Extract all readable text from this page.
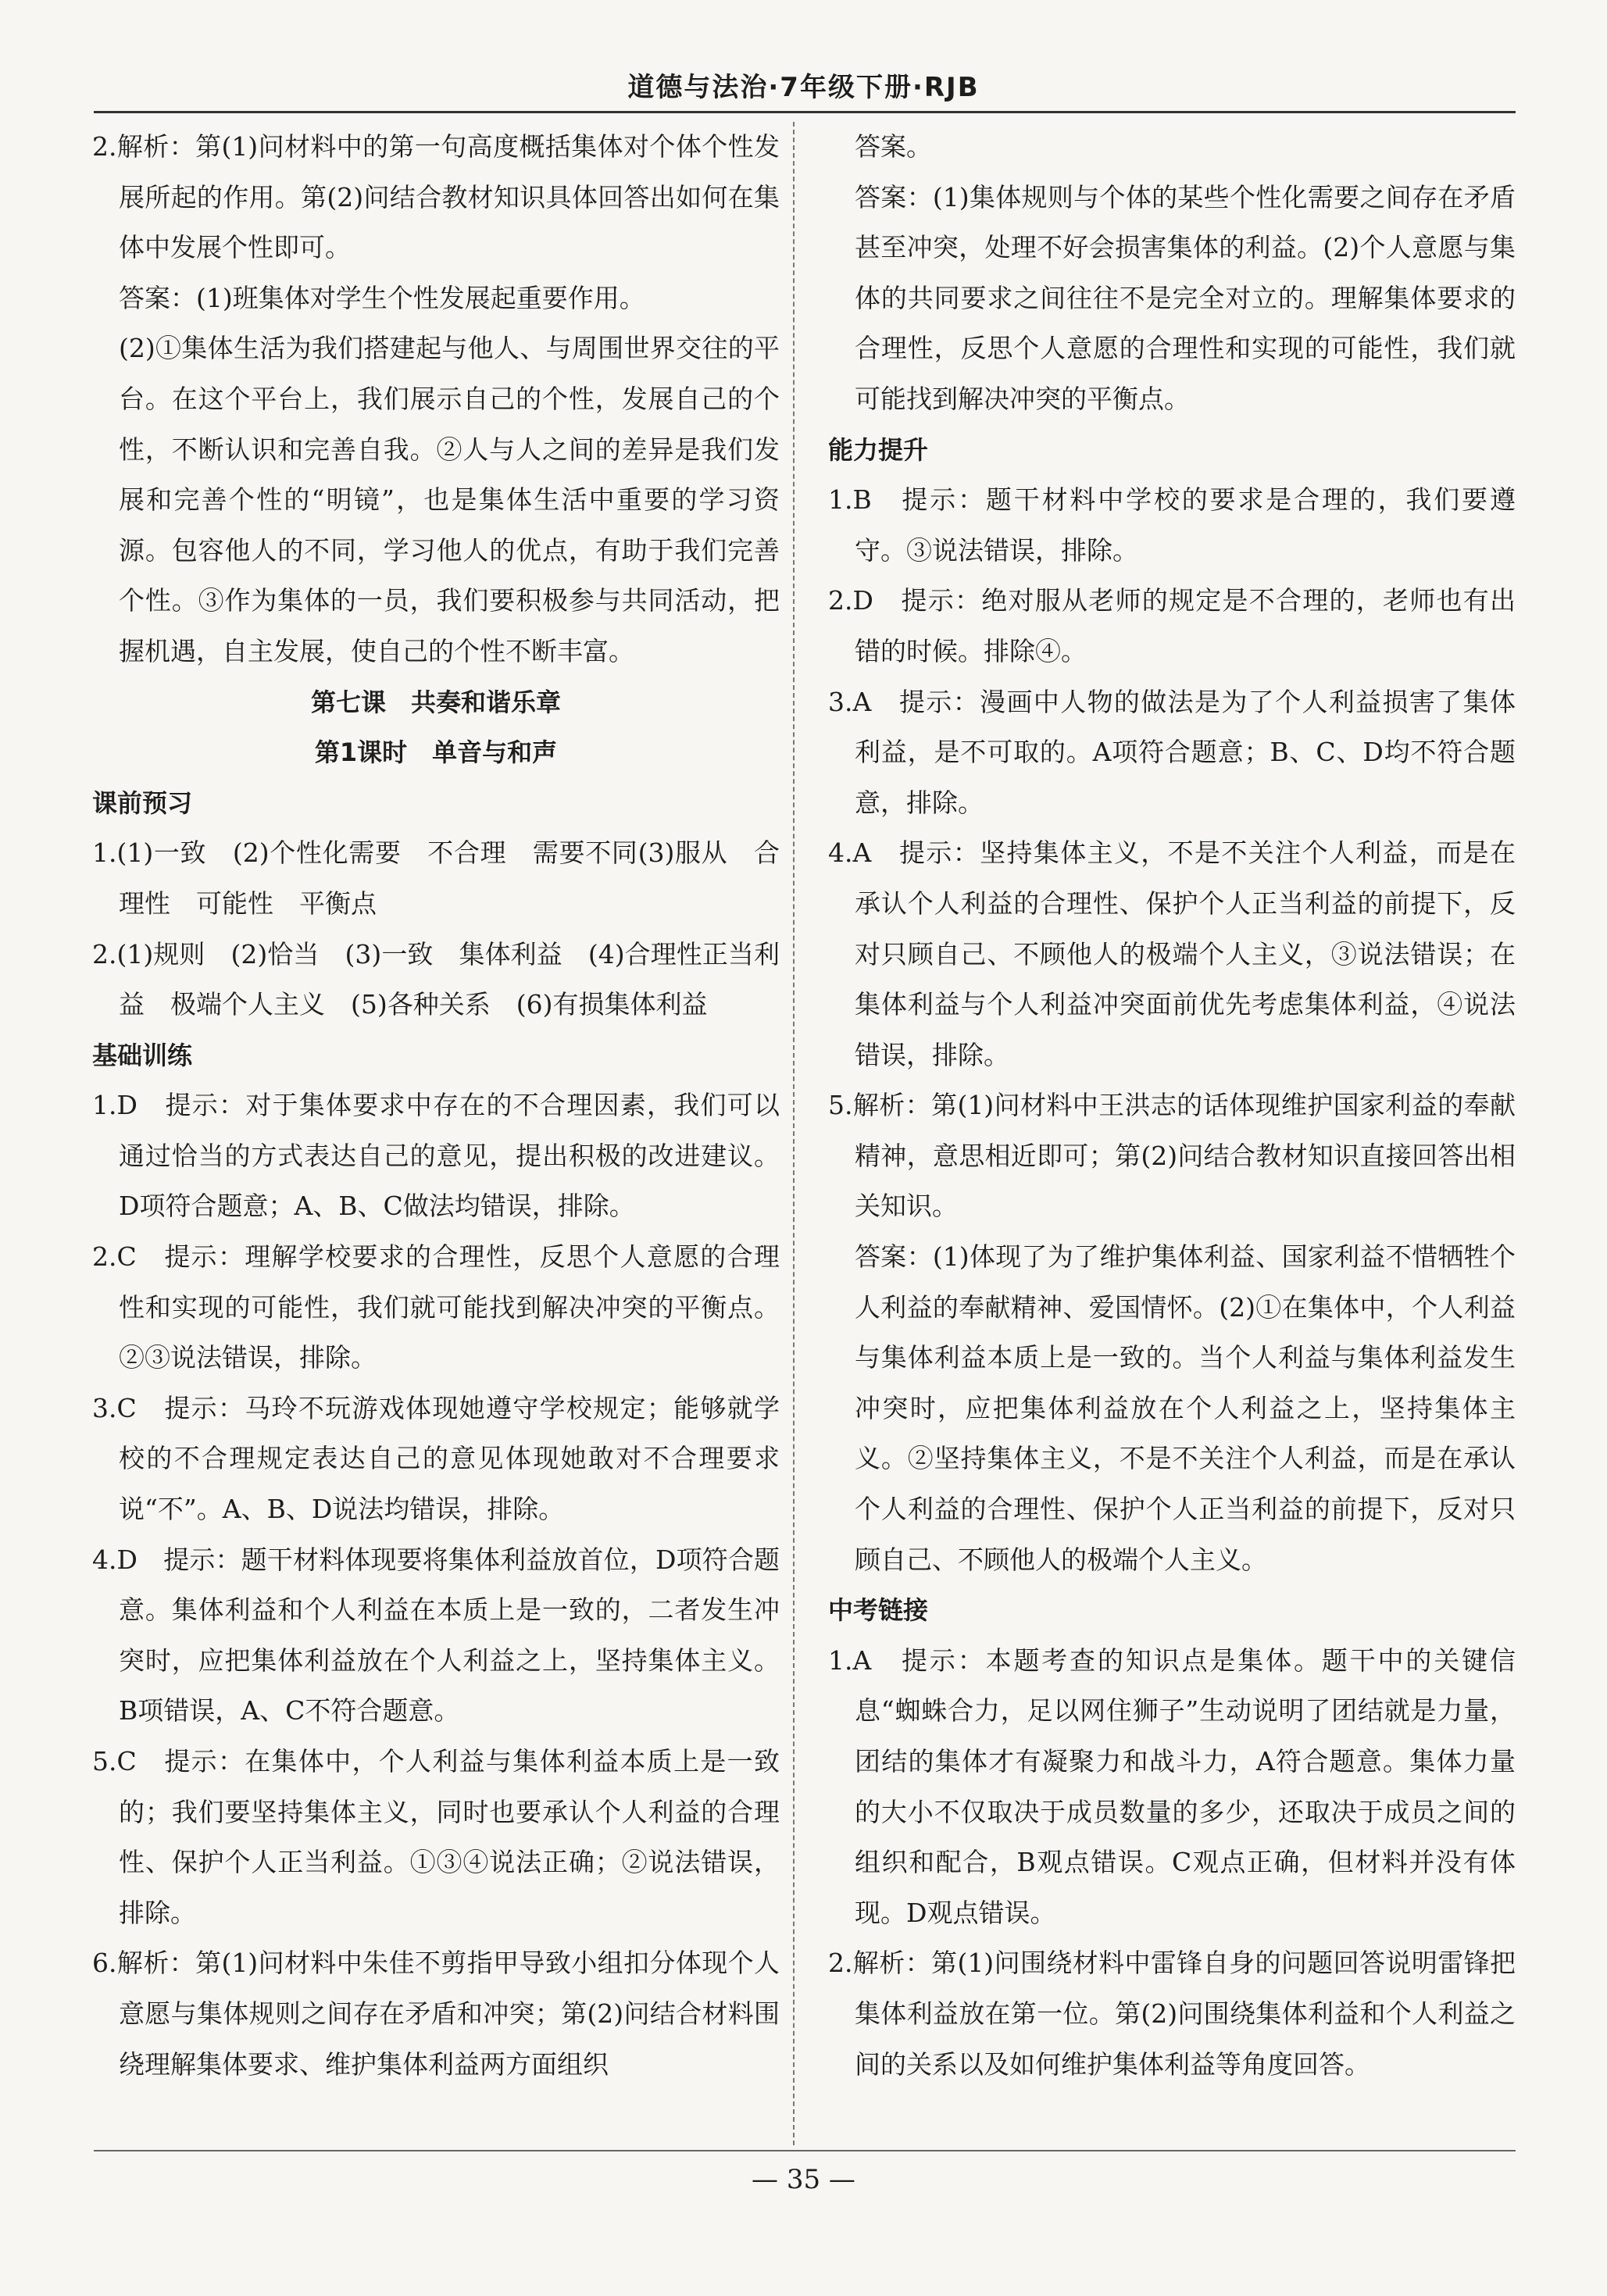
道德与法治·7年级下册·RJB
2.解析：第(1)问材料中的第一句高度概括集体对个体个性发展所起的作用。第(2)问结合教材知识具体回答出如何在集体中发展个性即可。
答案：(1)班集体对学生个性发展起重要作用。
(2)①集体生活为我们搭建起与他人、与周围世界交往的平台。在这个平台上，我们展示自己的个性，发展自己的个性，不断认识和完善自我。②人与人之间的差异是我们发展和完善个性的“明镜”，也是集体生活中重要的学习资源。包容他人的不同，学习他人的优点，有助于我们完善个性。③作为集体的一员，我们要积极参与共同活动，把握机遇，自主发展，使自己的个性不断丰富。
第七课　共奏和谐乐章
第1课时　单音与和声
课前预习
1.(1)一致　(2)个性化需要　不合理　需要不同(3)服从　合理性　可能性　平衡点
2.(1)规则　(2)恰当　(3)一致　集体利益　(4)合理性正当利益　极端个人主义　(5)各种关系　(6)有损集体利益
基础训练
1.D　提示：对于集体要求中存在的不合理因素，我们可以通过恰当的方式表达自己的意见，提出积极的改进建议。D项符合题意；A、B、C做法均错误，排除。
2.C　提示：理解学校要求的合理性，反思个人意愿的合理性和实现的可能性，我们就可能找到解决冲突的平衡点。②③说法错误，排除。
3.C　提示：马玲不玩游戏体现她遵守学校规定；能够就学校的不合理规定表达自己的意见体现她敢对不合理要求说“不”。A、B、D说法均错误，排除。
4.D　提示：题干材料体现要将集体利益放首位，D项符合题意。集体利益和个人利益在本质上是一致的，二者发生冲突时，应把集体利益放在个人利益之上，坚持集体主义。B项错误，A、C不符合题意。
5.C　提示：在集体中，个人利益与集体利益本质上是一致的；我们要坚持集体主义，同时也要承认个人利益的合理性、保护个人正当利益。①③④说法正确；②说法错误，排除。
6.解析：第(1)问材料中朱佳不剪指甲导致小组扣分体现个人意愿与集体规则之间存在矛盾和冲突；第(2)问结合材料围绕理解集体要求、维护集体利益两方面组织
答案。
答案：(1)集体规则与个体的某些个性化需要之间存在矛盾甚至冲突，处理不好会损害集体的利益。(2)个人意愿与集体的共同要求之间往往不是完全对立的。理解集体要求的合理性，反思个人意愿的合理性和实现的可能性，我们就可能找到解决冲突的平衡点。
能力提升
1.B　提示：题干材料中学校的要求是合理的，我们要遵守。③说法错误，排除。
2.D　提示：绝对服从老师的规定是不合理的，老师也有出错的时候。排除④。
3.A　提示：漫画中人物的做法是为了个人利益损害了集体利益，是不可取的。A项符合题意；B、C、D均不符合题意，排除。
4.A　提示：坚持集体主义，不是不关注个人利益，而是在承认个人利益的合理性、保护个人正当利益的前提下，反对只顾自己、不顾他人的极端个人主义，③说法错误；在集体利益与个人利益冲突面前优先考虑集体利益，④说法错误，排除。
5.解析：第(1)问材料中王洪志的话体现维护国家利益的奉献精神，意思相近即可；第(2)问结合教材知识直接回答出相关知识。
答案：(1)体现了为了维护集体利益、国家利益不惜牺牲个人利益的奉献精神、爱国情怀。(2)①在集体中，个人利益与集体利益本质上是一致的。当个人利益与集体利益发生冲突时，应把集体利益放在个人利益之上，坚持集体主义。②坚持集体主义，不是不关注个人利益，而是在承认个人利益的合理性、保护个人正当利益的前提下，反对只顾自己、不顾他人的极端个人主义。
中考链接
1.A　提示：本题考查的知识点是集体。题干中的关键信息“蜘蛛合力，足以网住狮子”生动说明了团结就是力量，团结的集体才有凝聚力和战斗力，A符合题意。集体力量的大小不仅取决于成员数量的多少，还取决于成员之间的组织和配合，B观点错误。C观点正确，但材料并没有体现。D观点错误。
2.解析：第(1)问围绕材料中雷锋自身的问题回答说明雷锋把集体利益放在第一位。第(2)问围绕集体利益和个人利益之间的关系以及如何维护集体利益等角度回答。
— 35 —
